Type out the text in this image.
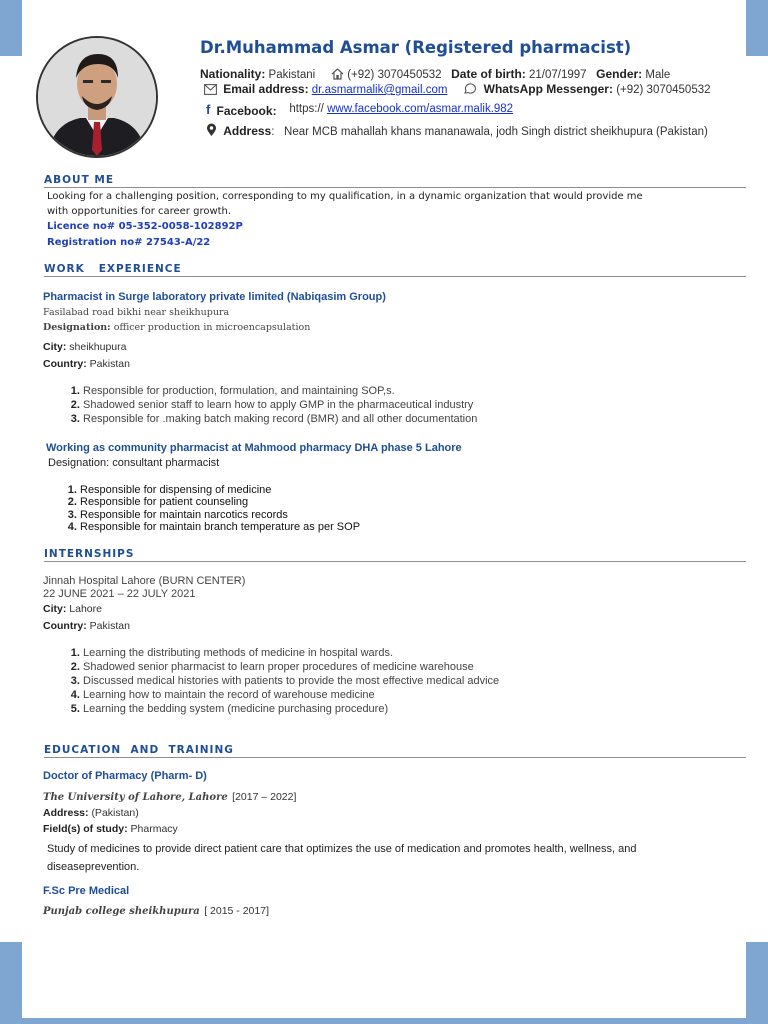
Dr.Muhammad Asmar (Registered pharmacist)
Nationality: Pakistani	(+92) 3070450532 Date of birth: 21/07/1997 Gender: Male
Email address: dr.asmarmalik@gmail.com	WhatsApp Messenger: (+92) 3070450532
f Facebook: https:// www.facebook.com/asmar.malik.982
Address:   Near MCB mahallah khans mananawala, jodh Singh district sheikhupura (Pakistan)
ABOUT ME
Looking for a challenging position, corresponding to my qualification, in a dynamic organization that would provide me
with opportunities for career growth.
Licence no# 05-352-0058-102892P
Registration no# 27543-A/22
WORK   EXPERIENCE
Pharmacist in Surge laboratory private limited (Nabiqasim Group)
Fasilabad road bikhi near sheikhupura
Designation: officer production in microencapsulation
City: sheikhupura
Country: Pakistan
1. Responsible for production, formulation, and maintaining SOP,s.
2. Shadowed senior staff to learn how to apply GMP in the pharmaceutical industry
3. Responsible for .making batch making record (BMR) and all other documentation
Working as community pharmacist at Mahmood pharmacy DHA phase 5 Lahore
Designation: consultant pharmacist
1. Responsible for dispensing of medicine
2. Responsible for patient counseling
3. Responsible for maintain narcotics records
4. Responsible for maintain branch temperature as per SOP
INTERNSHIPS
Jinnah Hospital Lahore (BURN CENTER)
22 JUNE 2021 – 22 JULY 2021
City: Lahore
Country: Pakistan
1. Learning the distributing methods of medicine in hospital wards.
2. Shadowed senior pharmacist to learn proper procedures of medicine warehouse
3. Discussed medical histories with patients to provide the most effective medical advice
4. Learning how to maintain the record of warehouse medicine
5. Learning the bedding system (medicine purchasing procedure)
EDUCATION  AND  TRAINING
Doctor of Pharmacy (Pharm- D)
The University of Lahore, Lahore [2017 – 2022]
Address: (Pakistan)
Field(s) of study: Pharmacy
Study of medicines to provide direct patient care that optimizes the use of medication and promotes health, wellness, and
diseaseprevention.
F.Sc Pre Medical
Punjab college sheikhupura [ 2015 - 2017]
